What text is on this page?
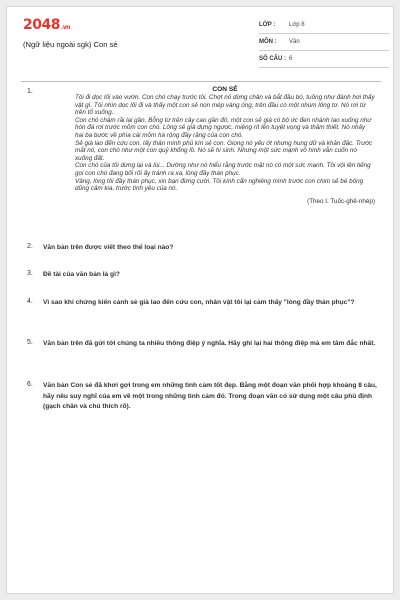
2048.vn
(Ngữ liệu ngoài sgk) Con sẻ
LỚP : Lớp 8
MÔN : Văn
SỐ CÂU : 6
1.	CON SẺ

Tôi đi dọc lối vào vườn. Con chó chạy trước tôi. Chợt nó dừng chân và bắt đầu bò, tuồng như đánh hơi thấy vật gì. Tôi nhìn dọc lối đi và thấy một con sẻ non mép vàng óng, trên đầu có một nhúm lông tơ. Nó rơi từ trên tổ xuống.

Con chó chậm rãi lại gần. Bỗng từ trên cây cao gần đó, một con sẻ già có bộ ức đen nhánh lao xuống như hòn đá rơi trước mõm con chó. Lông sẻ già dựng ngược, miệng rít lên tuyệt vọng và thảm thiết. Nó nhảy hai ba bước về phía cái mõm há rộng đầy răng của con chó.

Sẻ già lao đến cứu con, lấy thân mình phủ kín sẻ con. Giọng nó yếu ớt nhưng hung dữ và khản đặc. Trước mắt nó, con chó như một con quỷ khổng lồ. Nó sẽ hi sinh. Nhưng một sức mạnh vô hình vẫn cuốn nó xuống đất.

Con chó của tôi dừng lại và lùi... Dường như nó hiểu rằng trước mặt nó có một sức mạnh. Tôi vội lên tiếng gọi con chó đang bối rối ấy tránh ra xa, lòng đầy thán phục.

Vâng, lòng tôi đầy thán phục, xin bạn đừng cười. Tôi kính cẩn nghiêng mình trước con chim sẻ bé bỏng dũng cảm kia, trước tình yêu của nó.

(Theo I. Tuốc-ghê-nhép)
2. Văn bản trên được viết theo thể loại nào?
3. Đề tài của văn bản là gì?
4. Vì sao khi chứng kiến cảnh sẻ già lao đến cứu con, nhân vật tôi lại cảm thấy "lòng đầy thán phục"?
5. Văn bản trên đã gửi tới chúng ta nhiều thông điệp ý nghĩa. Hãy ghi lại hai thông điệp mà em tâm đắc nhất.
6. Văn bản Con sẻ đã khơi gợi trong em những tình cảm tốt đẹp. Bằng một đoạn văn phối hợp khoảng 8 câu, hãy nêu suy nghĩ của em về một trong những tình cảm đó. Trong đoạn văn có sử dụng một câu phủ định (gạch chân và chú thích rõ).
